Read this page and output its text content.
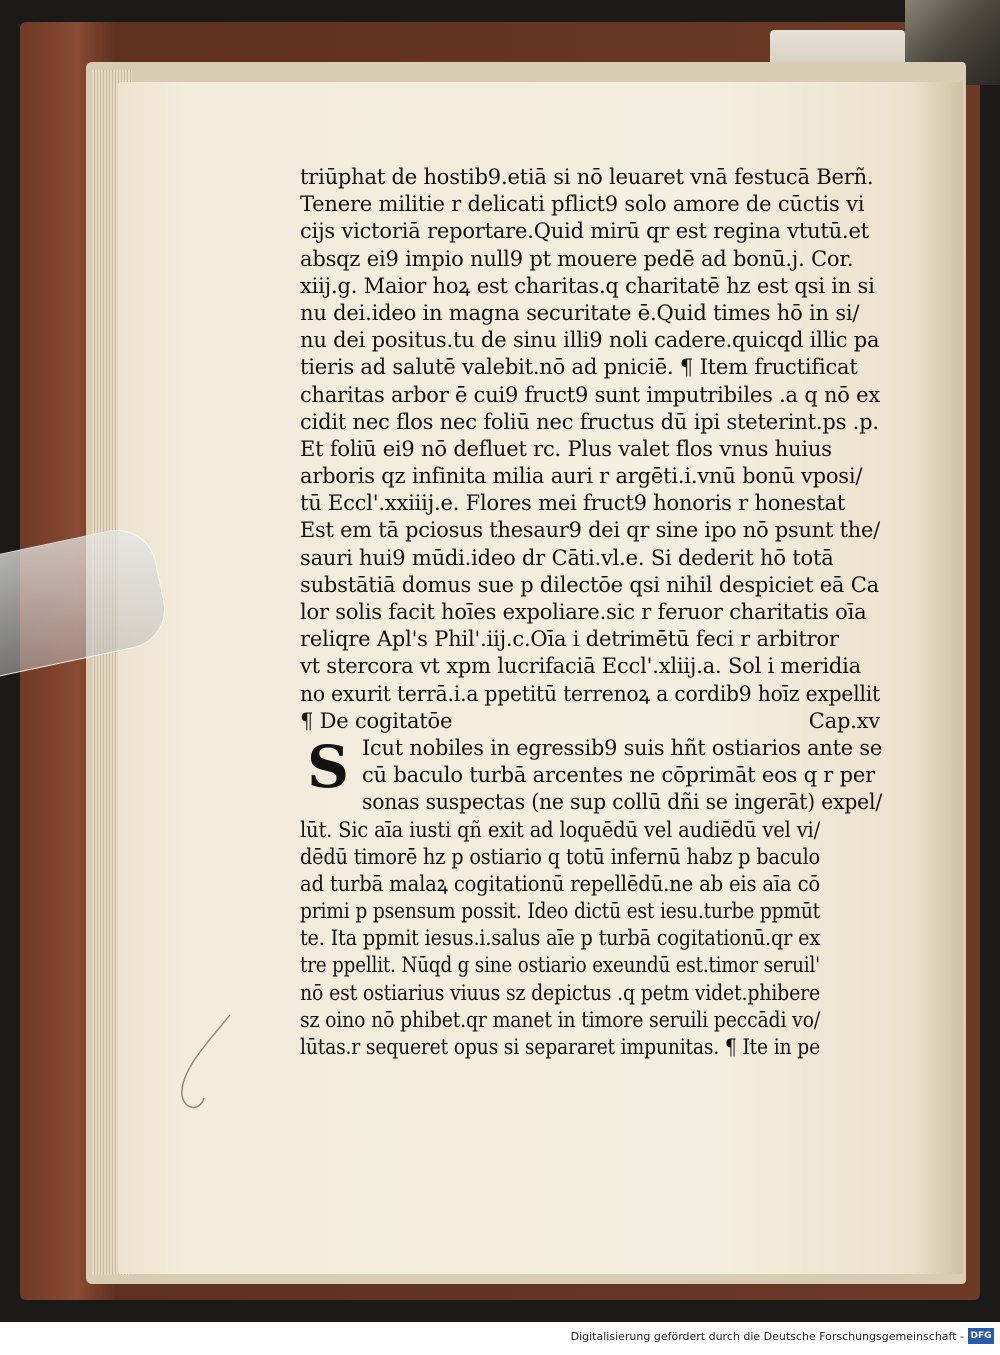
triūphat de hostib9.etiā si nō leuaret vnā festucā Berñ.
Tenere militie r delicati pflict9 solo amore de cūctis vi
cijs victoriā reportare.Quid mirū qr est regina vtutū.et
absqz ei9 impio null9 pt mouere pedē ad bonū.j. Cor.
xiij.g. Maior hoꝝ est charitas.q charitatē hz est qsi in si
nu dei.ideo in magna securitate ē.Quid times hō in si/
nu dei positus.tu de sinu illi9 noli cadere.quicqd illic pa
tieris ad salutē valebit.nō ad pniciē. ¶ Item fructificat
charitas arbor ē cui9 fruct9 sunt imputribiles .a q nō ex
cidit nec flos nec foliū nec fructus dū ipi steterint.ps .p.
Et foliū ei9 nō defluet rc. Plus valet flos vnus huius
arboris qz infinita milia auri r argēti.i.vnū bonū vposi/
tū Eccl'.xxiiij.e. Flores mei fruct9 honoris r honestat
Est em tā pciosus thesaur9 dei qr sine ipo nō psunt the/
sauri hui9 mūdi.ideo dr Cāti.vl.e. Si dederit hō totā
substātiā domus sue p dilectōe qsi nihil despiciet eā Ca
lor solis facit hoīes expoliare.sic r feruor charitatis oīa
reliqre Apl's Phil'.iij.c.Oīa i detrimētū feci r arbitror
vt stercora vt xpm lucrifaciā Eccl'.xliij.a. Sol i meridia
no exurit terrā.i.a ppetitū terrenoꝝ a cordib9 hoīz expellit
¶ De cogitatōe	Cap.xv
S Icut nobiles in egressib9 suis hñt ostiarios ante se
cū baculo turbā arcentes ne cōprimāt eos q r per
sonas suspectas (ne sup collū dñi se ingerāt) expel/
lūt. Sic aīa iusti qñ exit ad loquēdū vel audiēdū vel vi/
dēdū timorē hz p ostiario q totū infernū habz p baculo
ad turbā malaꝝ cogitationū repellēdū.ne ab eis aīa cō
primi p psensum possit. Ideo dictū est iesu.turbe ppmūt
te. Ita ppmit iesus.i.salus aīe p turbā cogitationū.qr ex
tre ppellit. Nūqd g sine ostiario exeundū est.timor seruil'
nō est ostiarius viuus sz depictus .q petm videt.phibere
sz oino nō phibet.qr manet in timore seruili peccādi vo/
lūtas.r sequeret opus si separaret impunitas. ¶ Ite in pe
Digitalisierung gefördert durch die Deutsche Forschungsgemeinschaft - DFG
